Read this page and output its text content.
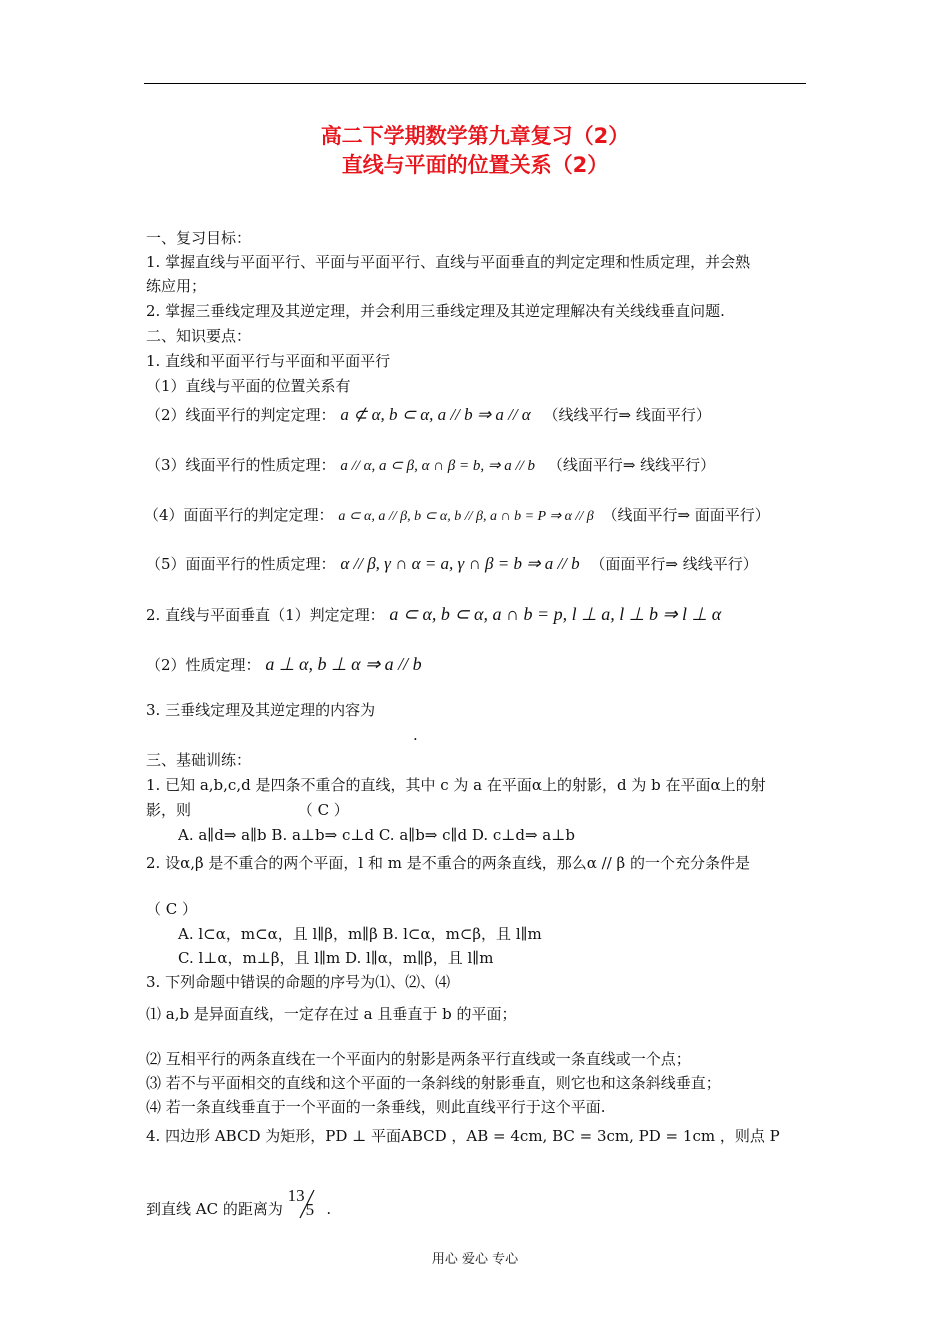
高二下学期数学第九章复习（2）
直线与平面的位置关系（2）
一、复习目标：
1. 掌握直线与平面平行、平面与平面平行、直线与平面垂直的判定定理和性质定理，并会熟
练应用；
2. 掌握三垂线定理及其逆定理，并会利用三垂线定理及其逆定理解决有关线线垂直问题.
二、知识要点：
1. 直线和平面平行与平面和平面平行
（1）直线与平面的位置关系有
（2）线面平行的判定定理： a ⊄ α, b ⊂ α, a // b ⇒ a // α （线线平行⇒ 线面平行）
（3）线面平行的性质定理： a // α, a ⊂ β, α ∩ β = b, ⇒ a // b （线面平行⇒ 线线平行）
（4）面面平行的判定定理： a ⊂ α, a // β, b ⊂ α, b // β, a ∩ b = P ⇒ α // β （线面平行⇒ 面面平行）
（5）面面平行的性质定理： α // β, γ ∩ α = a, γ ∩ β = b ⇒ a // b （面面平行⇒ 线线平行）
2. 直线与平面垂直（1）判定定理： a ⊂ α, b ⊂ α, a ∩ b = p, l ⊥ a, l ⊥ b ⇒ l ⊥ α
（2）性质定理： a ⊥ α, b ⊥ α ⇒ a // b
3. 三垂线定理及其逆定理的内容为
.
三、基础训练：
1. 已知 a,b,c,d 是四条不重合的直线，其中 c 为 a 在平面α上的射影，d 为 b 在平面α上的射
影，则	（ C ）
A. a∥d⇒ a∥b B. a⊥b⇒ c⊥d C. a∥b⇒ c∥d D. c⊥d⇒ a⊥b
2. 设α,β 是不重合的两个平面，l 和 m 是不重合的两条直线，那么α // β 的一个充分条件是
（ C ）
A. l⊂α，m⊂α，且 l∥β，m∥β B. l⊂α，m⊂β，且 l∥m
C. l⊥α，m⊥β，且 l∥m D. l∥α，m∥β，且 l∥m
3. 下列命题中错误的命题的序号为⑴、⑵、⑷
⑴ a,b 是异面直线，一定存在过 a 且垂直于 b 的平面；
⑵ 互相平行的两条直线在一个平面内的射影是两条平行直线或一条直线或一个点；
⑶ 若不与平面相交的直线和这个平面的一条斜线的射影垂直，则它也和这条斜线垂直；
⑷ 若一条直线垂直于一个平面的一条垂线，则此直线平行于这个平面.
4. 四边形 ABCD 为矩形，PD ⊥ 平面ABCD ，AB = 4cm, BC = 3cm, PD = 1cm ，则点 P
到直线 AC 的距离为
13
5 .
用心 爱心 专心
